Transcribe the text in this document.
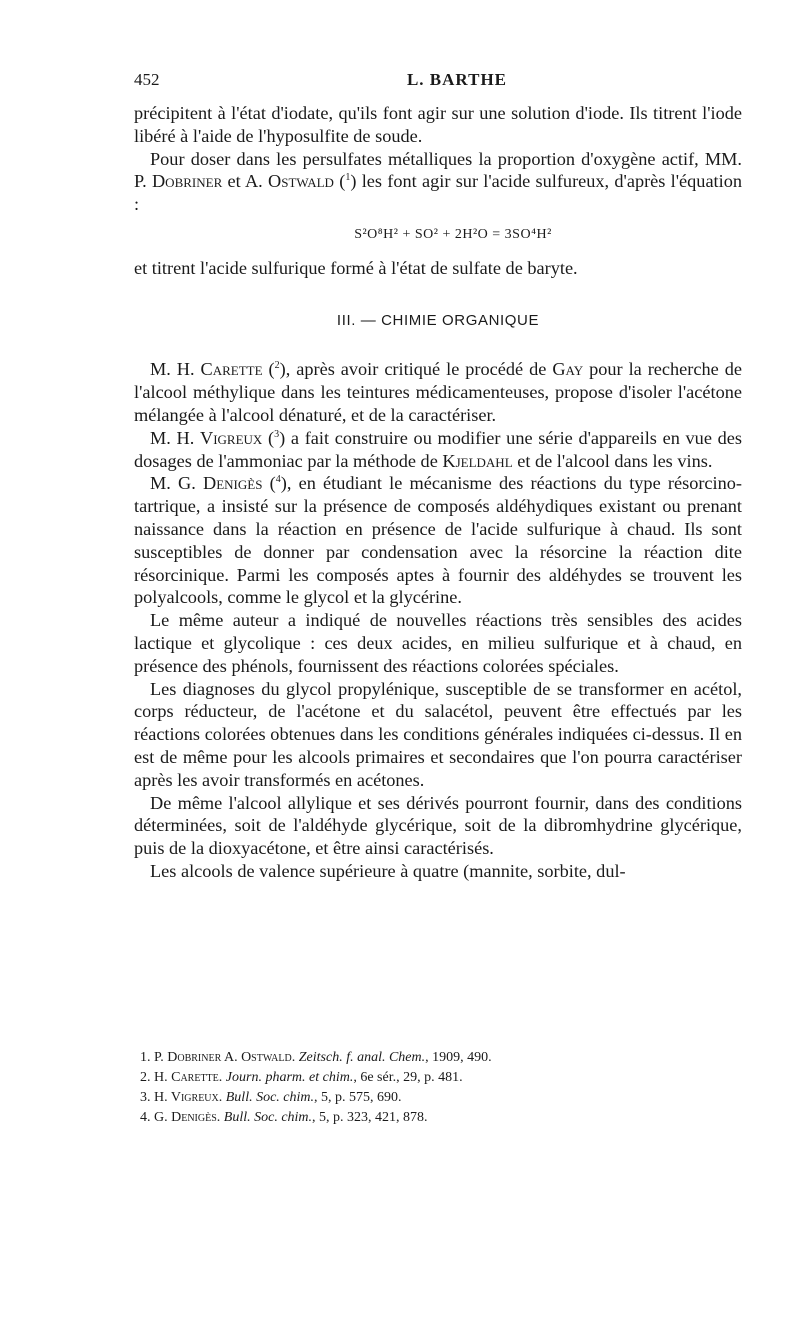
452	L. BARTHE

précipitent à l'état d'iodate, qu'ils font agir sur une solution d'iode. Ils titrent l'iode libéré à l'aide de l'hyposulfite de soude.

Pour doser dans les persulfates métalliques la proportion d'oxygène actif, MM. P. Dobriner et A. Ostwald ($^1$) les font agir sur l'acide sulfureux, d'après l'équation :

S²O⁸H² + SO² + 2H²O = 3SO⁴H²

et titrent l'acide sulfurique formé à l'état de sulfate de baryte.

III. — CHIMIE ORGANIQUE

M. H. Carette ($^2$), après avoir critiqué le procédé de Gay pour la recherche de l'alcool méthylique dans les teintures médicamenteuses, propose d'isoler l'acétone mélangée à l'alcool dénaturé, et de la caractériser.

M. H. Vigreux ($^3$) a fait construire ou modifier une série d'appareils en vue des dosages de l'ammoniac par la méthode de Kjeldahl et de l'alcool dans les vins.

M. G. Denigès ($^4$), en étudiant le mécanisme des réactions du type résorcino-tartrique, a insisté sur la présence de composés aldéhydiques existant ou prenant naissance dans la réaction en présence de l'acide sulfurique à chaud. Ils sont susceptibles de donner par condensation avec la résorcine la réaction dite résorcinique. Parmi les composés aptes à fournir des aldéhydes se trouvent les polyalcools, comme le glycol et la glycérine.

Le même auteur a indiqué de nouvelles réactions très sensibles des acides lactique et glycolique : ces deux acides, en milieu sulfurique et à chaud, en présence des phénols, fournissent des réactions colorées spéciales.

Les diagnoses du glycol propylénique, susceptible de se transformer en acétol, corps réducteur, de l'acétone et du salacétol, peuvent être effectués par les réactions colorées obtenues dans les conditions générales indiquées ci-dessus. Il en est de même pour les alcools primaires et secondaires que l'on pourra caractériser après les avoir transformés en acétones.

De même l'alcool allylique et ses dérivés pourront fournir, dans des conditions déterminées, soit de l'aldéhyde glycérique, soit de la dibromhydrine glycérique, puis de la dioxyacétone, et être ainsi caractérisés.

Les alcools de valence supérieure à quatre (mannite, sorbite, dul-

1. P. Dobriner A. Ostwald. Zeitsch. f. anal. Chem., 1909, 490.
2. H. Carette. Journ. pharm. et chim., 6e sér., 29, p. 481.
3. H. Vigreux. Bull. Soc. chim., 5, p. 575, 690.
4. G. Denigès. Bull. Soc. chim., 5, p. 323, 421, 878.
